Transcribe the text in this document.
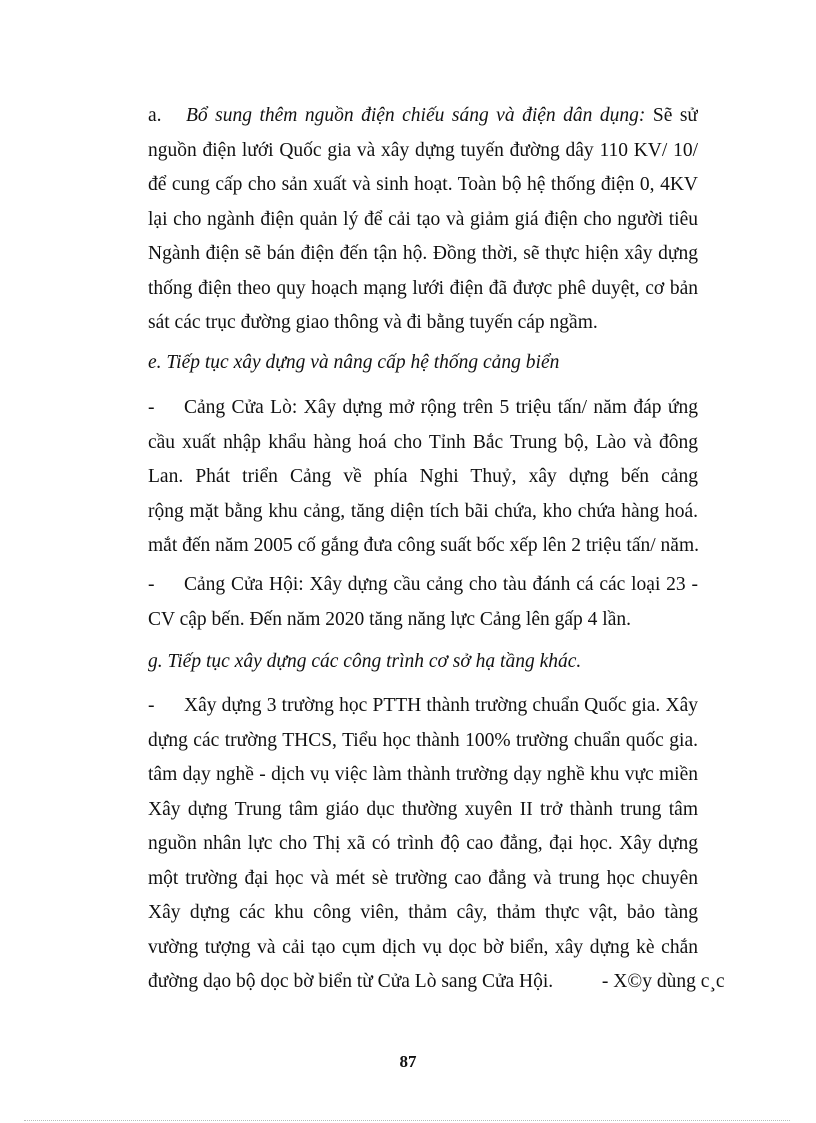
a. Bổ sung thêm nguồn điện chiếu sáng và điện dân dụng: Sẽ sử
nguồn điện lưới Quốc gia và xây dựng tuyến đường dây 110 KV/ 10/
để cung cấp cho sản xuất và sinh hoạt. Toàn bộ hệ thống điện 0, 4KV
lại cho ngành điện quản lý để cải tạo và giảm giá điện cho người tiêu
Ngành điện sẽ bán điện đến tận hộ. Đồng thời, sẽ thực hiện xây dựng
thống điện theo quy hoạch mạng lưới điện đã được phê duyệt, cơ bản
sát các trục đường giao thông và đi bằng tuyến cáp ngầm.
e. Tiếp tục xây dựng và nâng cấp hệ thống cảng biển
- Cảng Cửa Lò: Xây dựng mở rộng trên 5 triệu tấn/ năm đáp ứng
cầu xuất nhập khẩu hàng hoá cho Tỉnh Bắc Trung bộ, Lào và đông
Lan. Phát triển Cảng về phía Nghi Thuỷ, xây dựng bến cảng
rộng mặt bằng khu cảng, tăng diện tích bãi chứa, kho chứa hàng hoá.
mắt đến năm 2005 cố gắng đưa công suất bốc xếp lên 2 triệu tấn/ năm.
- Cảng Cửa Hội: Xây dựng cầu cảng cho tàu đánh cá các loại 23 -
CV cập bến. Đến năm 2020 tăng năng lực Cảng lên gấp 4 lần.
g. Tiếp tục xây dựng các công trình cơ sở hạ tầng khác.
- Xây dựng 3 trường học PTTH thành trường chuẩn Quốc gia. Xây
dựng các trường THCS, Tiểu học thành 100% trường chuẩn quốc gia.
tâm dạy nghề - dịch vụ việc làm thành trường dạy nghề khu vực miền
Xây dựng Trung tâm giáo dục thường xuyên II trở thành trung tâm
nguồn nhân lực cho Thị xã có trình độ cao đẳng, đại học. Xây dựng
một trường đại học và mét sè trường cao đẳng và trung học chuyên
Xây dựng các khu công viên, thảm cây, thảm thực vật, bảo tàng
vường tượng và cải tạo cụm dịch vụ dọc bờ biển, xây dựng kè chắn
đường dạo bộ dọc bờ biển từ Cửa Lò sang Cửa Hội.          - X©y dùng c¸c
87
